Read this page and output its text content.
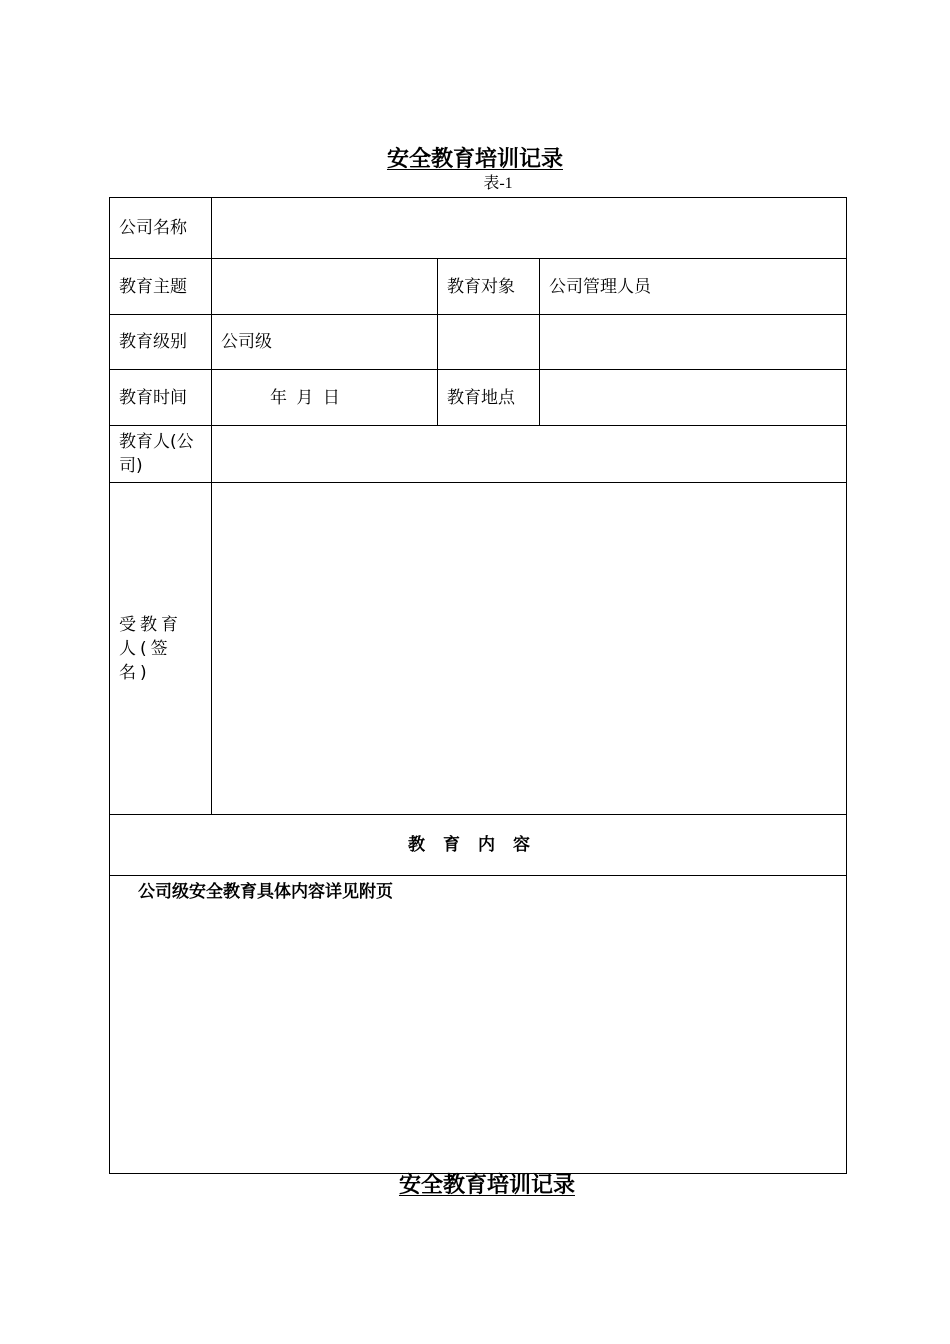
安全教育培训记录
表-1
公司名称			
教育主题		教育对象	公司管理人员
教育级别	公司级		
教育时间	年 月 日	教育地点	
教育人(公司)			
受教育人(签名)			
教育内容			
公司级安全教育具体内容详见附页			
安全教育培训记录
